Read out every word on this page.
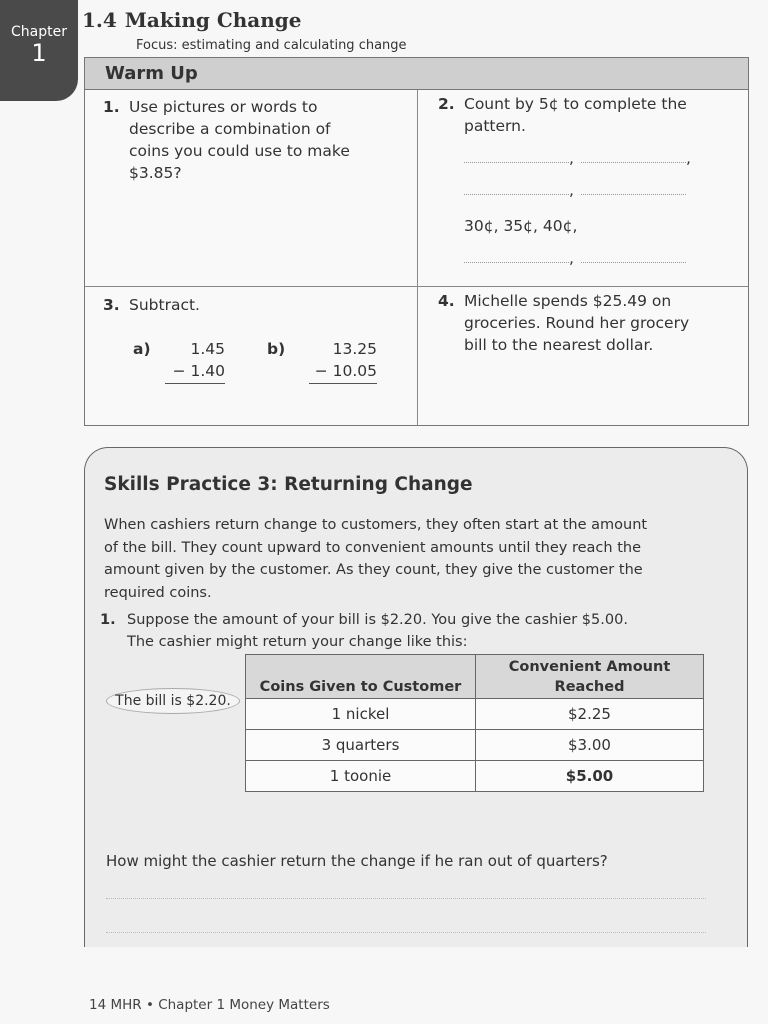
Chapter
1
1.4 Making Change
Focus: estimating and calculating change
Warm Up
1. Use pictures or words to
describe a combination of
coins you could use to make
$3.85?
2. Count by 5¢ to complete the
pattern.
,	,
,
30¢, 35¢, 40¢,
,
3. Subtract.
a)	1.45
− 1.40
b)	13.25
− 10.05
4. Michelle spends $25.49 on
groceries. Round her grocery
bill to the nearest dollar.
Skills Practice 3: Returning Change
When cashiers return change to customers, they often start at the amount
of the bill. They count upward to convenient amounts until they reach the
amount given by the customer. As they count, they give the customer the
required coins.
1. Suppose the amount of your bill is $2.20. You give the cashier $5.00.
The cashier might return your change like this:
The bill is $2.20.
Coins Given to Customer	Convenient Amount Reached
1 nickel	$2.25
3 quarters	$3.00
1 toonie	$5.00
How might the cashier return the change if he ran out of quarters?
14 MHR • Chapter 1 Money Matters
